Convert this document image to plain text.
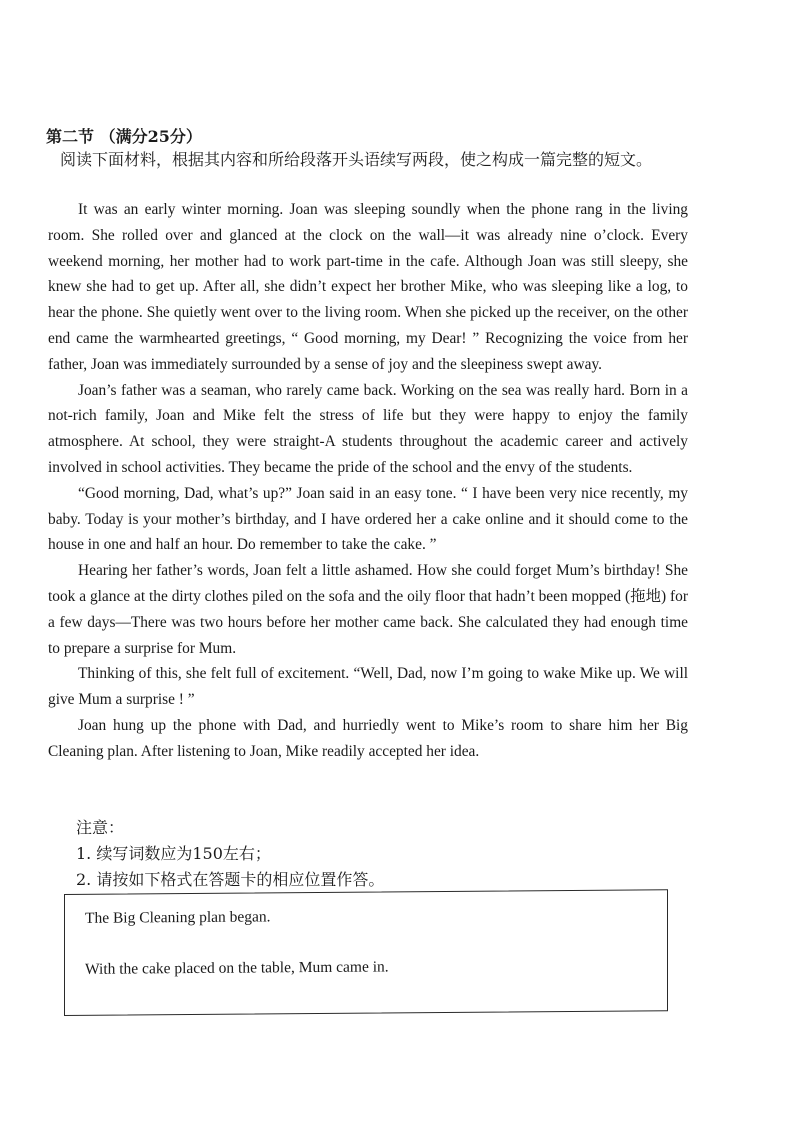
第二节 （满分25分）
阅读下面材料，根据其内容和所给段落开头语续写两段，使之构成一篇完整的短文。

It was an early winter morning. Joan was sleeping soundly when the phone rang in the living room. She rolled over and glanced at the clock on the wall—it was already nine o’clock. Every weekend morning, her mother had to work part-time in the cafe. Although Joan was still sleepy, she knew she had to get up. After all, she didn’t expect her brother Mike, who was sleeping like a log, to hear the phone. She quietly went over to the living room. When she picked up the receiver, on the other end came the warmhearted greetings, “ Good morning, my Dear! ” Recognizing the voice from her father, Joan was immediately surrounded by a sense of joy and the sleepiness swept away.

Joan’s father was a seaman, who rarely came back. Working on the sea was really hard. Born in a not-rich family, Joan and Mike felt the stress of life but they were happy to enjoy the family atmosphere. At school, they were straight-A students throughout the academic career and actively involved in school activities. They became the pride of the school and the envy of the students.

“Good morning, Dad, what’s up?” Joan said in an easy tone. “ I have been very nice recently, my baby. Today is your mother’s birthday, and I have ordered her a cake online and it should come to the house in one and half an hour. Do remember to take the cake. ”

Hearing her father’s words, Joan felt a little ashamed. How she could forget Mum’s birthday! She took a glance at the dirty clothes piled on the sofa and the oily floor that hadn’t been mopped (拖地) for a few days—There was two hours before her mother came back. She calculated they had enough time to prepare a surprise for Mum.

Thinking of this, she felt full of excitement. “Well, Dad, now I’m going to wake Mike up. We will give Mum a surprise ! ”

Joan hung up the phone with Dad, and hurriedly went to Mike’s room to share him her Big Cleaning plan. After listening to Joan, Mike readily accepted her idea.

注意：
1. 续写词数应为150左右；
2. 请按如下格式在答题卡的相应位置作答。
The Big Cleaning plan began.
With the cake placed on the table, Mum came in.
